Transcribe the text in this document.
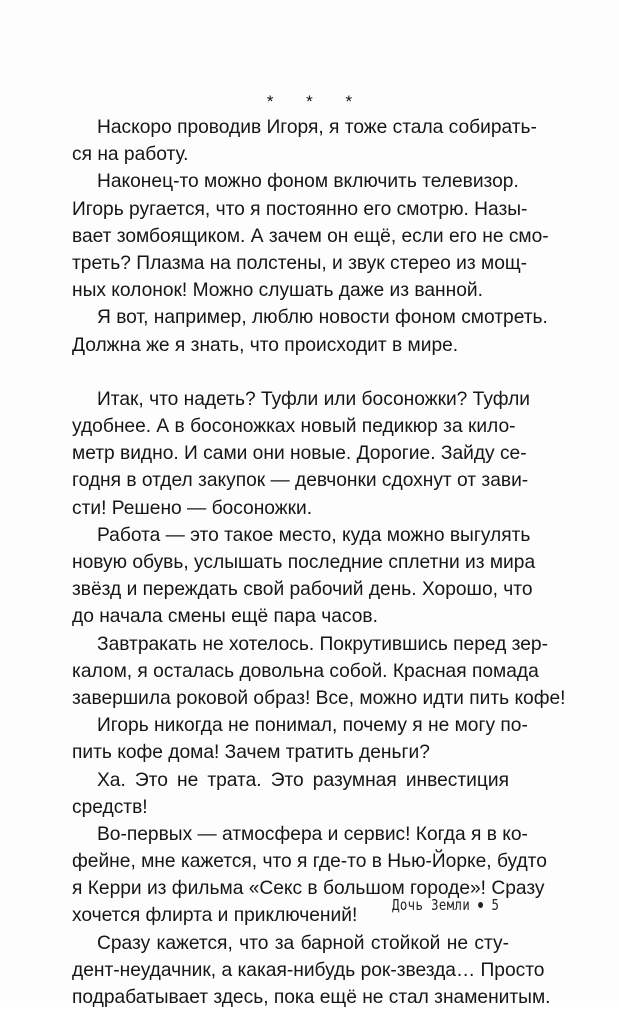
* * *
Наскоро проводив Игоря, я тоже стала собирать-
ся на работу.
Наконец-то можно фоном включить телевизор.
Игорь ругается, что я постоянно его смотрю. Назы-
вает зомбоящиком. А зачем он ещё, если его не смо-
треть? Плазма на полстены, и звук стерео из мощ-
ных колонок! Можно слушать даже из ванной.
Я вот, например, люблю новости фоном смотреть.
Должна же я знать, что происходит в мире.
Итак, что надеть? Туфли или босоножки? Туфли
удобнее. А в босоножках новый педикюр за кило-
метр видно. И сами они новые. Дорогие. Зайду се-
годня в отдел закупок — девчонки сдохнут от зави-
сти! Решено — босоножки.
Работа — это такое место, куда можно выгулять
новую обувь, услышать последние сплетни из мира
звёзд и переждать свой рабочий день. Хорошо, что
до начала смены ещё пара часов.
Завтракать не хотелось. Покрутившись перед зер-
калом, я осталась довольна собой. Красная помада
завершила роковой образ! Все, можно идти пить кофе!
Игорь никогда не понимал, почему я не могу по-
пить кофе дома! Зачем тратить деньги?
Ха. Это не трата. Это разумная инвестиция
средств!
Во-первых — атмосфера и сервис! Когда я в ко-
фейне, мне кажется, что я где-то в Нью-Йорке, будто
я Керри из фильма «Секс в большом городе»! Сразу
хочется флирта и приключений!
Сразу кажется, что за барной стойкой не сту-
дент-неудачник, а какая-нибудь рок-звезда… Просто
подрабатывает здесь, пока ещё не стал знаменитым.
Дочь Земли 5
